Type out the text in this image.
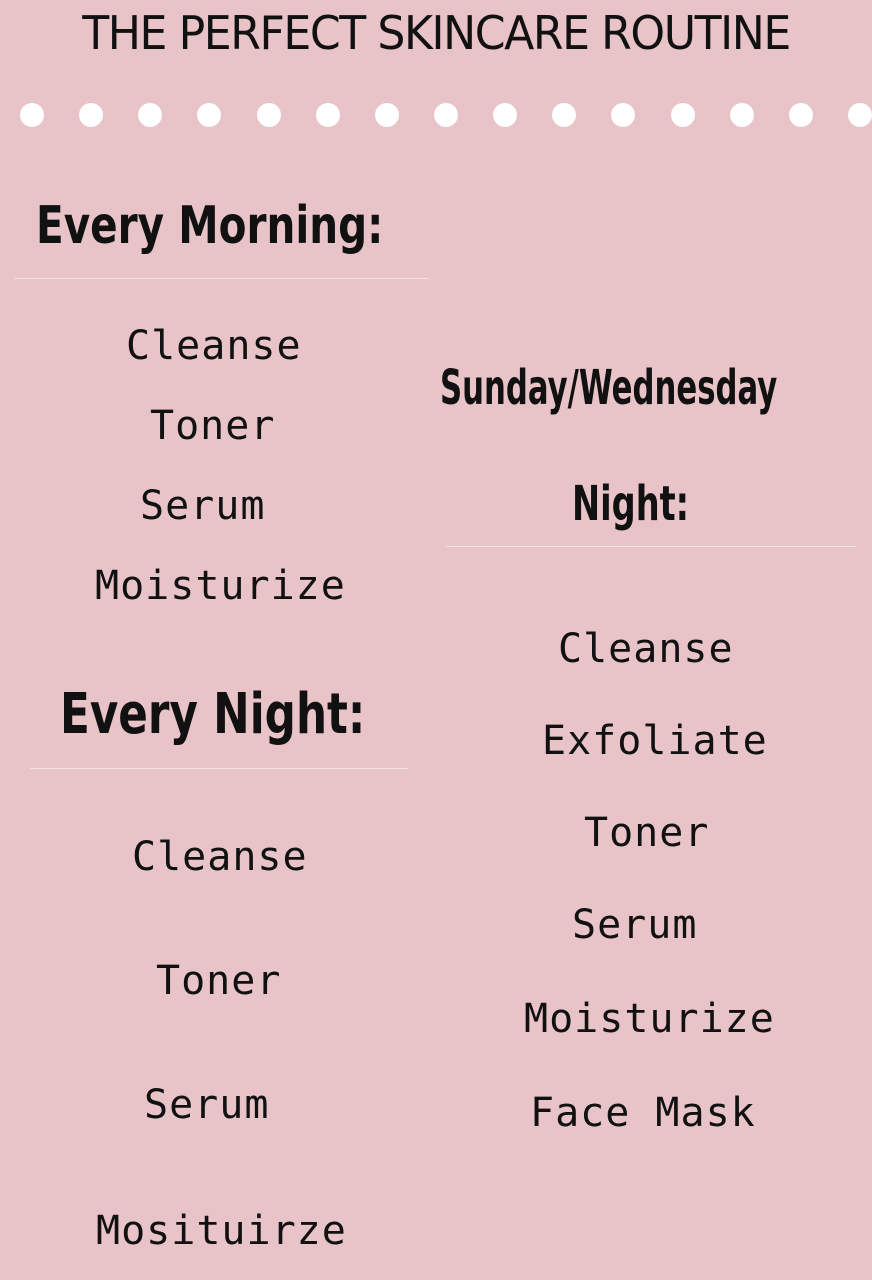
THE PERFECT SKINCARE ROUTINE
Every Morning:
Cleanse
Toner
Serum
Moisturize
Every Night:
Cleanse
Toner
Serum
Mosituirze
Sunday/Wednesday
Night:
Cleanse
Exfoliate
Toner
Serum
Moisturize
Face Mask
